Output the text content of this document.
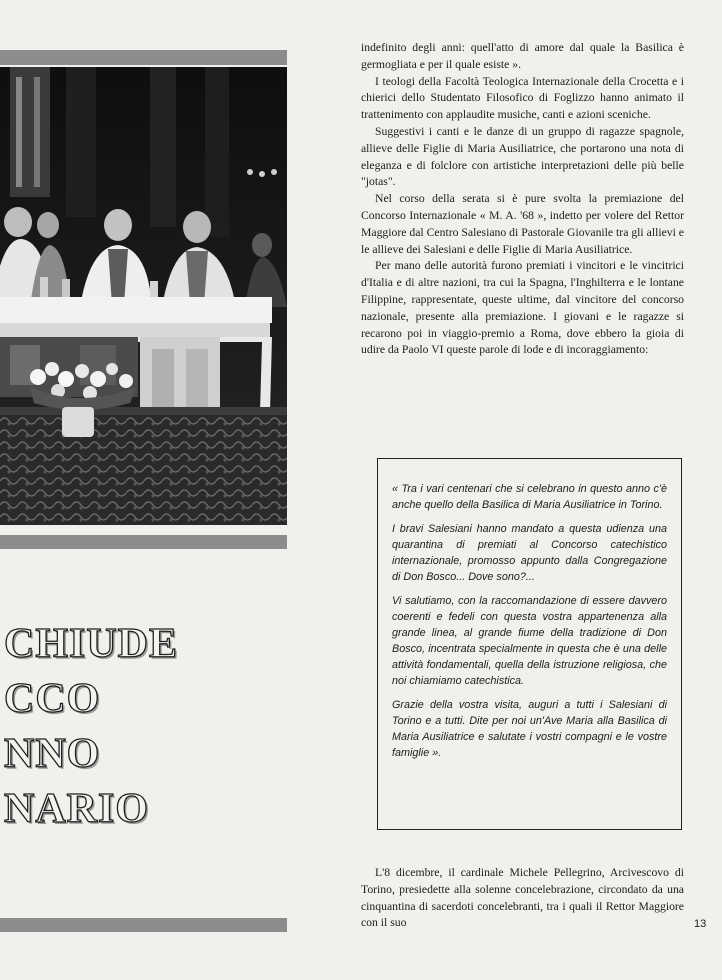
CHIUDE
CCO
NNO
NARIO

indefinito degli anni: quell'atto di amore dal quale la Basilica è germogliata e per il quale esiste ».

I teologi della Facoltà Teologica Internazionale della Crocetta e i chierici dello Studentato Filosofico di Foglizzo hanno animato il trattenimento con applaudite musiche, canti e azioni sceniche.

Suggestivi i canti e le danze di un gruppo di ragazze spagnole, allieve delle Figlie di Maria Ausiliatrice, che portarono una nota di eleganza e di folclore con artistiche interpretazioni delle più belle "jotas".

Nel corso della serata si è pure svolta la premiazione del Concorso Internazionale « M. A. '68 », indetto per volere del Rettor Maggiore dal Centro Salesiano di Pastorale Giovanile tra gli allievi e le allieve dei Salesiani e delle Figlie di Maria Ausiliatrice.

Per mano delle autorità furono premiati i vincitori e le vincitrici d'Italia e di altre nazioni, tra cui la Spagna, l'Inghilterra e le lontane Filippine, rappresentate, queste ultime, dal vincitore del concorso nazionale, presente alla premiazione. I giovani e le ragazze si recarono poi in viaggio-premio a Roma, dove ebbero la gioia di udire da Paolo VI queste parole di lode e di incoraggiamento:

« Tra i vari centenari che si celebrano in questo anno c'è anche quello della Basilica di Maria Ausiliatrice in Torino.

I bravi Salesiani hanno mandato a questa udienza una quarantina di premiati al Concorso catechistico internazionale, promosso appunto dalla Congregazione di Don Bosco... Dove sono?...

Vi salutiamo, con la raccomandazione di essere davvero coerenti e fedeli con questa vostra appartenenza alla grande linea, al grande fiume della tradizione di Don Bosco, incentrata specialmente in questa che è una delle attività fondamentali, quella della istruzione religiosa, che noi chiamiamo catechistica.

Grazie della vostra visita, auguri a tutti i Salesiani di Torino e a tutti. Dite per noi un'Ave Maria alla Basilica di Maria Ausiliatrice e salutate i vostri compagni e le vostre famiglie ».

L'8 dicembre, il cardinale Michele Pellegrino, Arcivescovo di Torino, presiedette alla solenne concelebrazione, circondato da una cinquantina di sacerdoti concelebranti, tra i quali il Rettor Maggiore con il suo	13
